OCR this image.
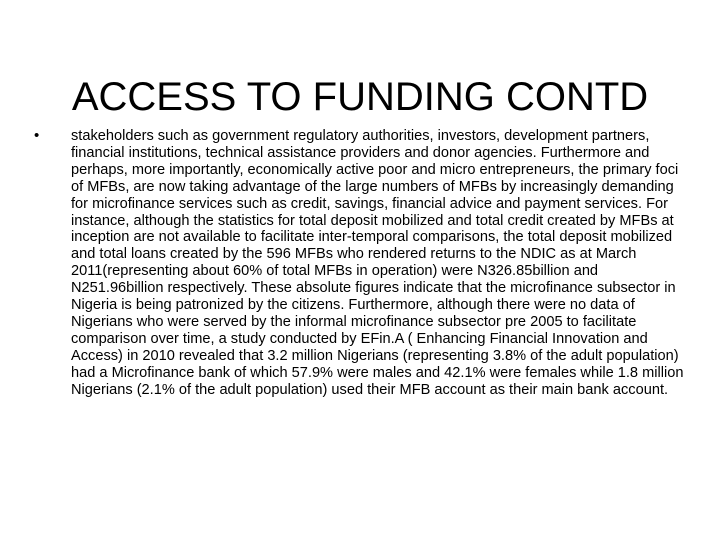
ACCESS TO FUNDING CONTD
•	stakeholders such as government regulatory authorities, investors, development partners, financial institutions, technical assistance providers and donor agencies. Furthermore and perhaps, more importantly, economically active poor and micro entrepreneurs, the primary foci of MFBs, are now taking advantage of the large numbers of MFBs by increasingly demanding for microfinance services such as credit, savings, financial advice and payment services. For instance, although the statistics for total deposit mobilized and total credit created by MFBs at inception are not available to facilitate inter-temporal comparisons, the total deposit mobilized and total loans created by the 596 MFBs who rendered returns to the NDIC as at March 2011(representing about 60% of total MFBs in operation) were N326.85billion and N251.96billion respectively. These absolute figures indicate that the microfinance subsector in Nigeria is being patronized by the citizens. Furthermore, although there were no data of Nigerians who were served by the informal microfinance subsector pre 2005 to facilitate comparison over time, a study conducted by EFin.A ( Enhancing Financial Innovation and Access) in 2010 revealed that 3.2 million Nigerians (representing 3.8% of the adult population) had a Microfinance bank of which 57.9% were males and 42.1% were females while 1.8 million Nigerians (2.1% of the adult population) used their MFB account as their main bank account.
